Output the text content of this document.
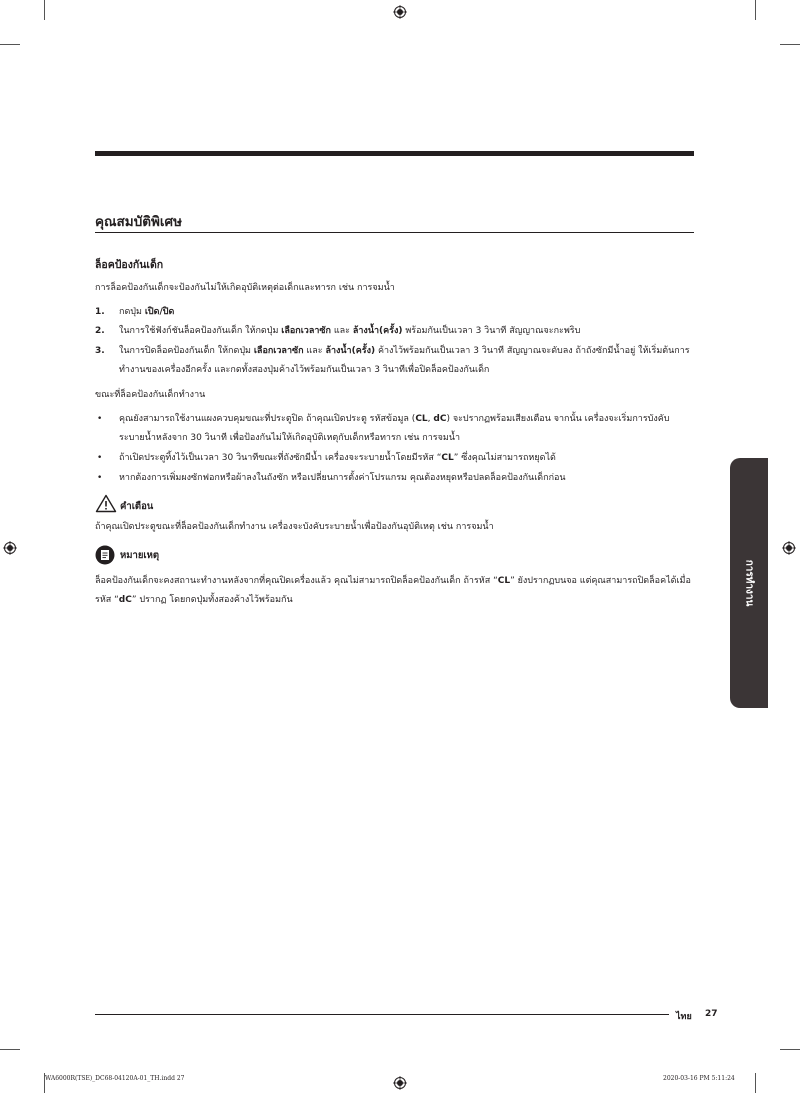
คุณสมบัติพิเศษ
ล็อคป้องกันเด็ก
การล็อคป้องกันเด็กจะป้องกันไม่ให้เกิดอุบัติเหตุต่อเด็กและทารก เช่น การจมน้ำ
1. กดปุ่ม เปิด/ปิด
2. ในการใช้ฟังก์ชันล็อคป้องกันเด็ก ให้กดปุ่ม เลือกเวลาซัก และ ล้างน้ำ(ครั้ง) พร้อมกันเป็นเวลา 3 วินาที สัญญาณจะกะพริบ
3. ในการปิดล็อคป้องกันเด็ก ให้กดปุ่ม เลือกเวลาซัก และ ล้างน้ำ(ครั้ง) ค้างไว้พร้อมกันเป็นเวลา 3 วินาที สัญญาณจะดับลง ถ้าถังซักมีน้ำอยู่ ให้เริ่มต้นการทำงานของเครื่องอีกครั้ง และกดทั้งสองปุ่มค้างไว้พร้อมกันเป็นเวลา 3 วินาทีเพื่อปิดล็อคป้องกันเด็ก
ขณะที่ล็อคป้องกันเด็กทำงาน
• คุณยังสามารถใช้งานแผงควบคุมขณะที่ประตูปิด ถ้าคุณเปิดประตู รหัสข้อมูล (CL, dC) จะปรากฏพร้อมเสียงเตือน จากนั้น เครื่องจะเริ่มการบังคับระบายน้ำหลังจาก 30 วินาที เพื่อป้องกันไม่ให้เกิดอุบัติเหตุกับเด็กหรือทารก เช่น การจมน้ำ
• ถ้าเปิดประตูทิ้งไว้เป็นเวลา 30 วินาทีขณะที่ถังซักมีน้ำ เครื่องจะระบายน้ำโดยมีรหัส “CL” ซึ่งคุณไม่สามารถหยุดได้
• หากต้องการเพิ่มผงซักฟอกหรือผ้าลงในถังซัก หรือเปลี่ยนการตั้งค่าโปรแกรม คุณต้องหยุดหรือปลดล็อคป้องกันเด็กก่อน
คำเตือน
ถ้าคุณเปิดประตูขณะที่ล็อคป้องกันเด็กทำงาน เครื่องจะบังคับระบายน้ำเพื่อป้องกันอุบัติเหตุ เช่น การจมน้ำ
หมายเหตุ
ล็อคป้องกันเด็กจะคงสถานะทำงานหลังจากที่คุณปิดเครื่องแล้ว คุณไม่สามารถปิดล็อคป้องกันเด็ก ถ้ารหัส “CL” ยังปรากฏบนจอ แต่คุณสามารถปิดล็อคได้เมื่อรหัส “dC” ปรากฏ โดยกดปุ่มทั้งสองค้างไว้พร้อมกัน	การทำงาน
ไทย 27
WA6000R(TSE)_DC68-04120A-01_TH.indd 27	2020-03-16 PM 5:11:24
